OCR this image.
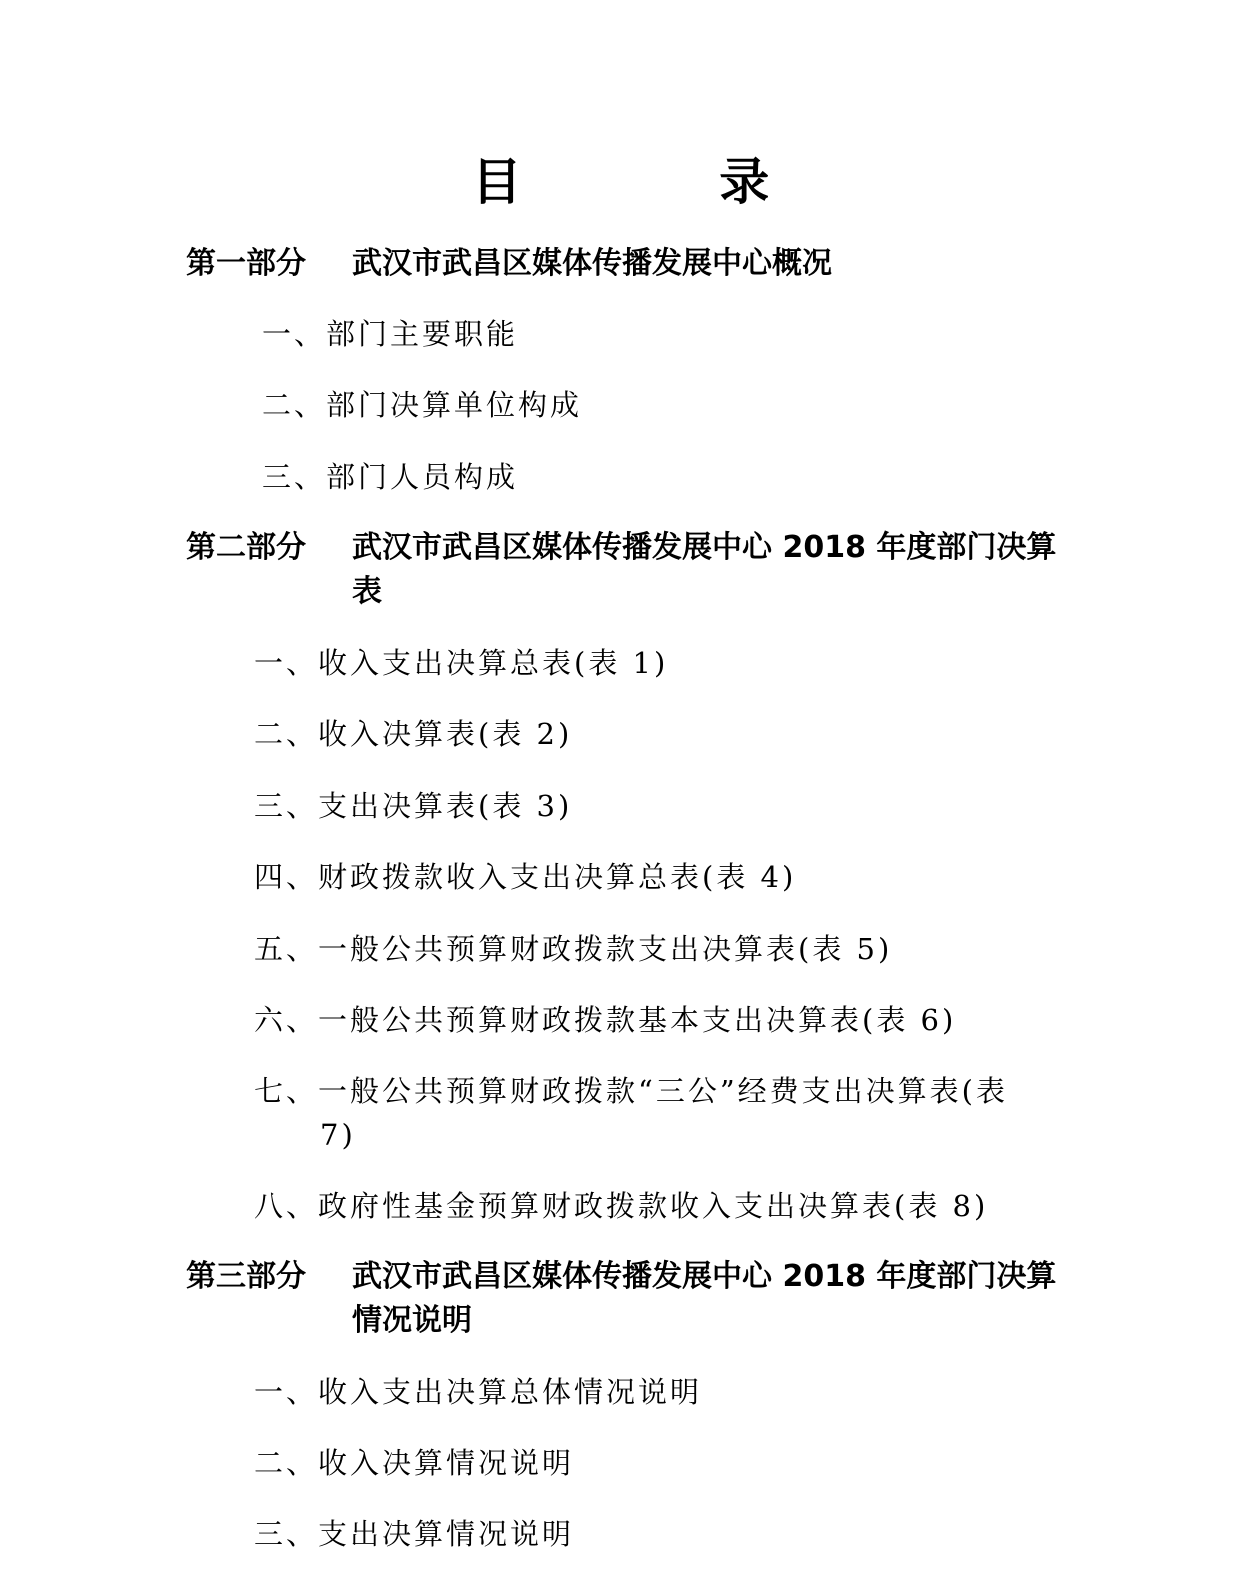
目 录
第一部分	武汉市武昌区媒体传播发展中心概况
一、部门主要职能
二、部门决算单位构成
三、部门人员构成
第二部分	武汉市武昌区媒体传播发展中心 2018 年度部门决算表
一、收入支出决算总表(表 1)
二、收入决算表(表 2)
三、支出决算表(表 3)
四、财政拨款收入支出决算总表(表 4)
五、一般公共预算财政拨款支出决算表(表 5)
六、一般公共预算财政拨款基本支出决算表(表 6)
七、一般公共预算财政拨款“三公”经费支出决算表(表 7)
八、政府性基金预算财政拨款收入支出决算表(表 8)
第三部分	武汉市武昌区媒体传播发展中心 2018 年度部门决算情况说明
一、收入支出决算总体情况说明
二、收入决算情况说明
三、支出决算情况说明
